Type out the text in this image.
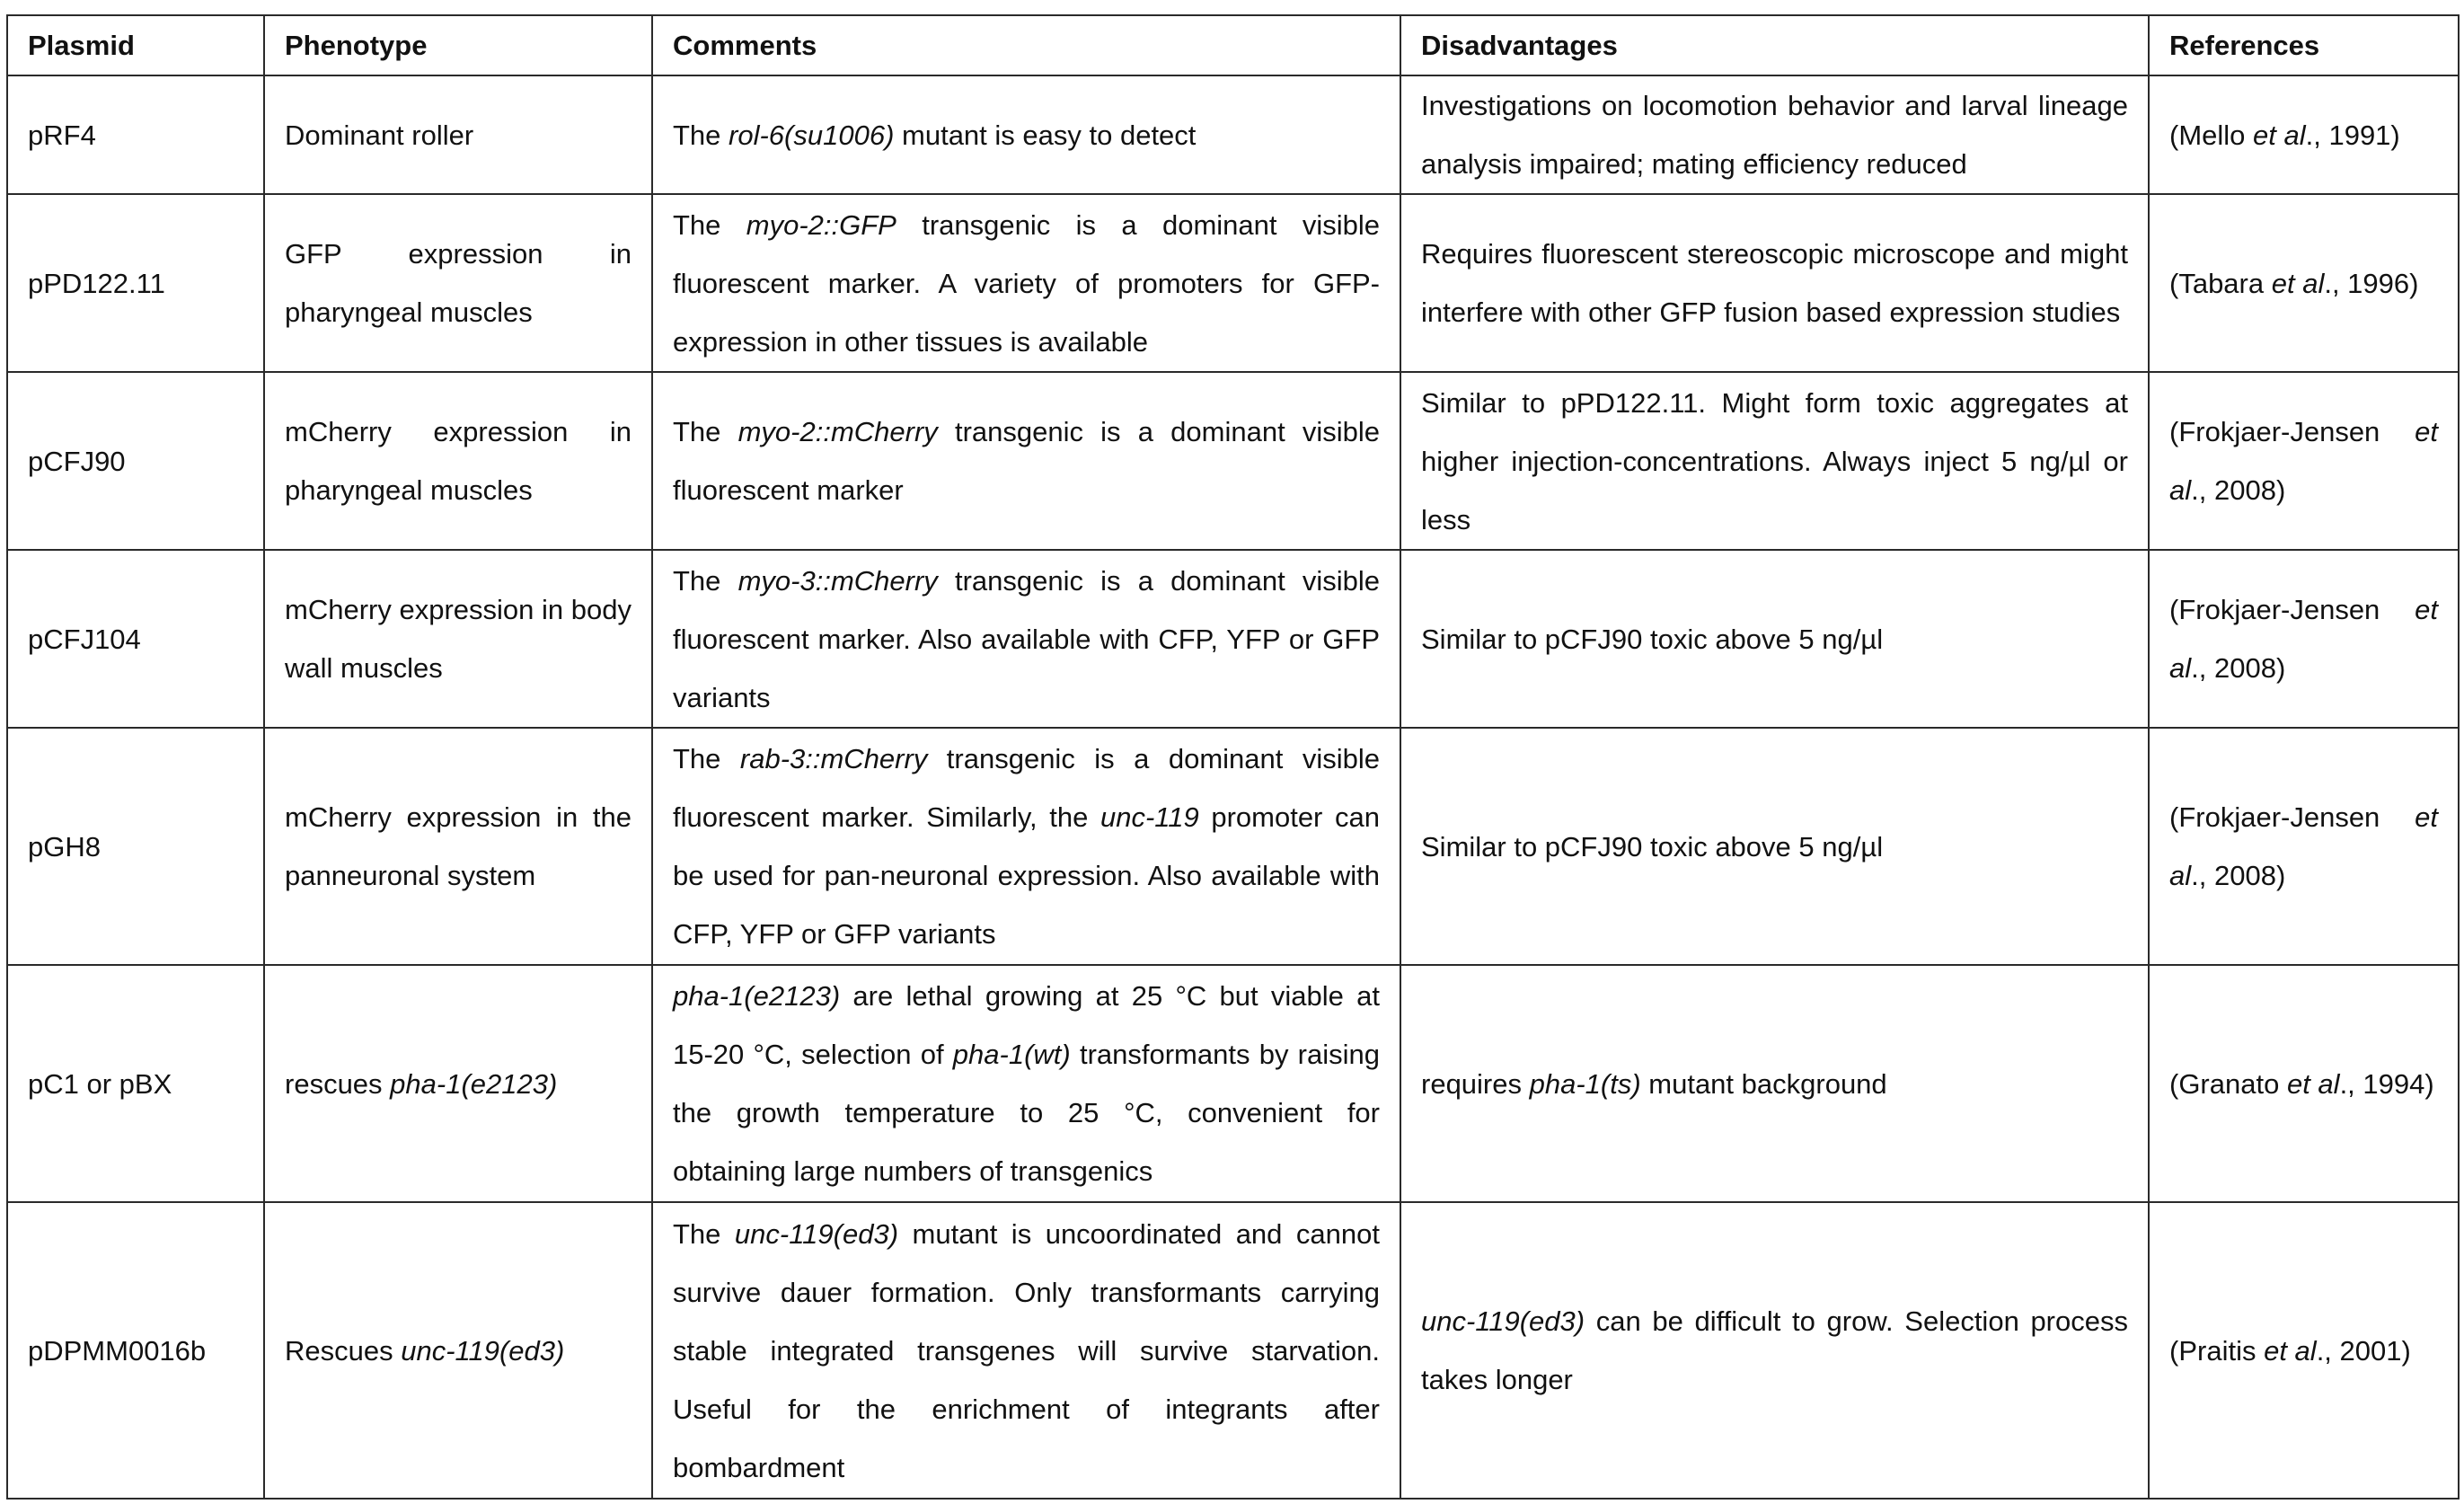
Plasmid	Phenotype	Comments	Disadvantages	References
pRF4	Dominant roller	The rol-6(su1006) mutant is easy to detect	Investigations on locomotion behavior and larval lineage analysis impaired; mating efficiency reduced	(Mello et al., 1991)
pPD122.11	GFP expression in pharyngeal muscles	The myo-2::GFP transgenic is a dominant visible fluorescent marker. A variety of promoters for GFP-expression in other tissues is available	Requires fluorescent stereoscopic microscope and might interfere with other GFP fusion based expression studies	(Tabara et al., 1996)
pCFJ90	mCherry expression in pharyngeal muscles	The myo-2::mCherry transgenic is a dominant visible fluorescent marker	Similar to pPD122.11. Might form toxic aggregates at higher injection-concentrations. Always inject 5 ng/µl or less	(Frokjaer-Jensen et al., 2008)
pCFJ104	mCherry expression in body wall muscles	The myo-3::mCherry transgenic is a dominant visible fluorescent marker. Also available with CFP, YFP or GFP variants	Similar to pCFJ90 toxic above 5 ng/µl	(Frokjaer-Jensen et al., 2008)
pGH8	mCherry expression in the panneuronal system	The rab-3::mCherry transgenic is a dominant visible fluorescent marker. Similarly, the unc-119 promoter can be used for pan-neuronal expression. Also available with CFP, YFP or GFP variants	Similar to pCFJ90 toxic above 5 ng/µl	(Frokjaer-Jensen et al., 2008)
pC1 or pBX	rescues pha-1(e2123)	pha-1(e2123) are lethal growing at 25 °C but viable at 15-20 °C, selection of pha-1(wt) transformants by raising the growth temperature to 25 °C, convenient for obtaining large numbers of transgenics	requires pha-1(ts) mutant background	(Granato et al., 1994)
pDPMM0016b	Rescues unc-119(ed3)	The unc-119(ed3) mutant is uncoordinated and cannot survive dauer formation. Only transformants carrying stable integrated transgenes will survive starvation. Useful for the enrichment of integrants after bombardment	unc-119(ed3) can be difficult to grow. Selection process takes longer	(Praitis et al., 2001)
